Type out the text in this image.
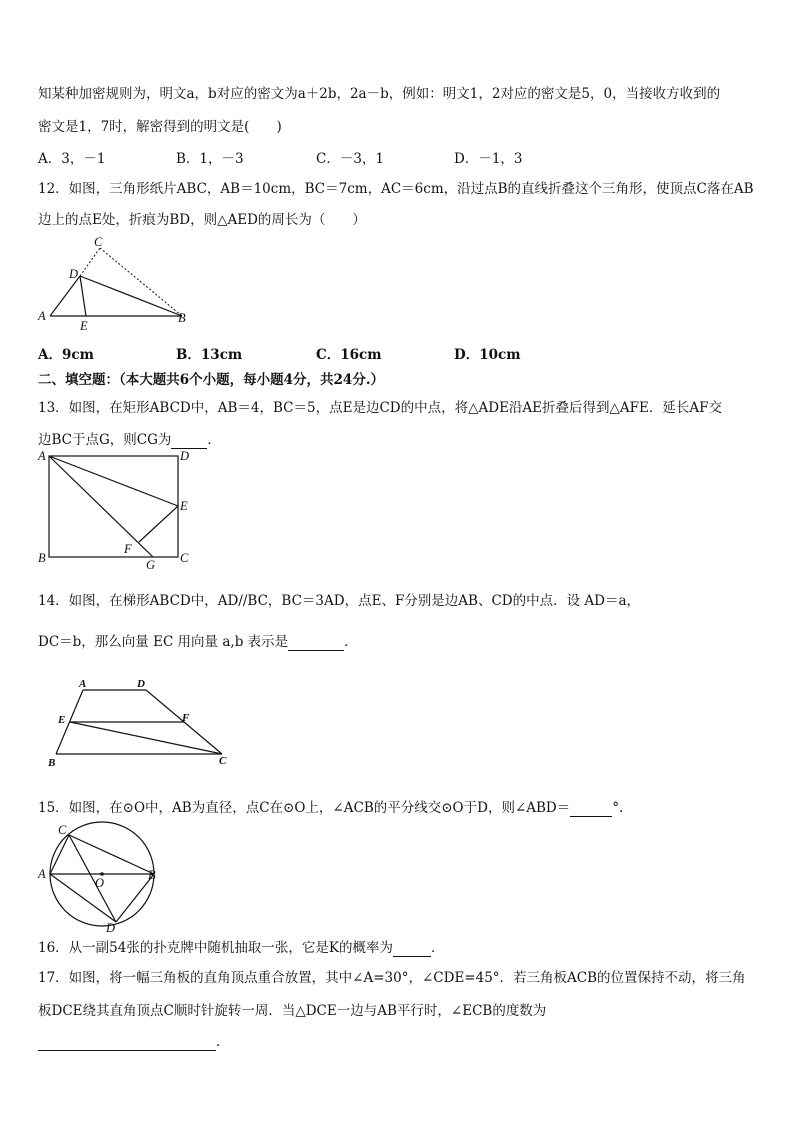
知某种加密规则为，明文a，b对应的密文为a＋2b，2a－b，例如：明文1，2对应的密文是5，0，当接收方收到的
密文是1，7时，解密得到的明文是(　　)
A．3，－1	B．1，－3	C．－3，1	D．－1，3
12．如图，三角形纸片ABC，AB＝10cm，BC＝7cm，AC＝6cm，沿过点B的直线折叠这个三角形，使顶点C落在AB
边上的点E处，折痕为BD，则△AED的周长为（　　）
C
D
A
E
B
A．9cm	B．13cm	C．16cm	D．10cm
二、填空题：（本大题共6个小题，每小题4分，共24分.）
13．如图，在矩形ABCD中，AB＝4，BC＝5，点E是边CD的中点，将△ADE沿AE折叠后得到△AFE．延长AF交
边BC于点G，则CG为	．
A	D
E
F
B	C
G
14．如图，在梯形ABCD中，AD//BC，BC＝3AD，点E、F分别是边AB、CD的中点．设 AD＝a，
DC＝b，那么向量 EC 用向量 a,b 表示是	．
A	D
E	F
B	C
15．如图，在⊙O中，AB为直径，点C在⊙O上，∠ACB的平分线交⊙O于D，则∠ABD＝	°.
C
A
O
B
D
16．从一副54张的扑克牌中随机抽取一张，它是K的概率为	．
17．如图，将一幅三角板的直角顶点重合放置，其中∠A=30°，∠CDE=45°．若三角板ACB的位置保持不动，将三角
板DCE绕其直角顶点C顺时针旋转一周．当△DCE一边与AB平行时，∠ECB的度数为
．
